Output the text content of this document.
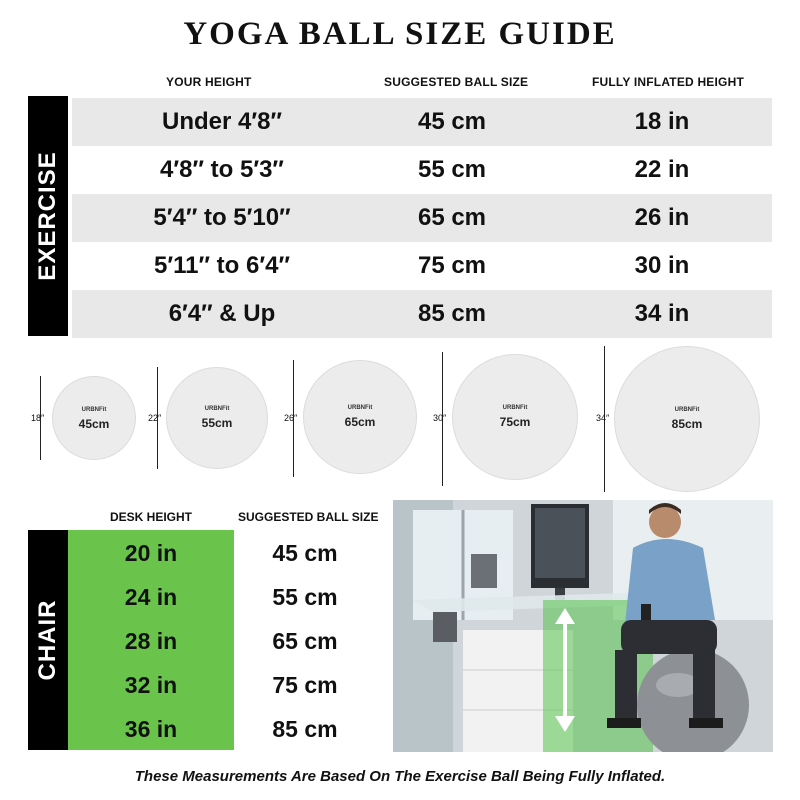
YOGA BALL SIZE GUIDE
YOUR HEIGHT	SUGGESTED BALL SIZE	FULLY INFLATED HEIGHT
EXERCISE
Under 4′8″	45 cm	18 in
4′8″ to 5′3″	55 cm	22 in
5′4″ to 5′10″	65 cm	26 in
5′11″ to 6′4″	75 cm	30 in
6′4″ & Up	85 cm	34 in
18″
URBNFit
45cm	22″
URBNFit
55cm	26″
URBNFit
65cm	30″
URBNFit
75cm	34″
URBNFit
85cm
DESK HEIGHT	SUGGESTED BALL SIZE
CHAIR
20 in	45 cm
24 in	55 cm
28 in	65 cm
32 in	75 cm
36 in	85 cm
These Measurements Are Based On The Exercise Ball Being Fully Inflated.
